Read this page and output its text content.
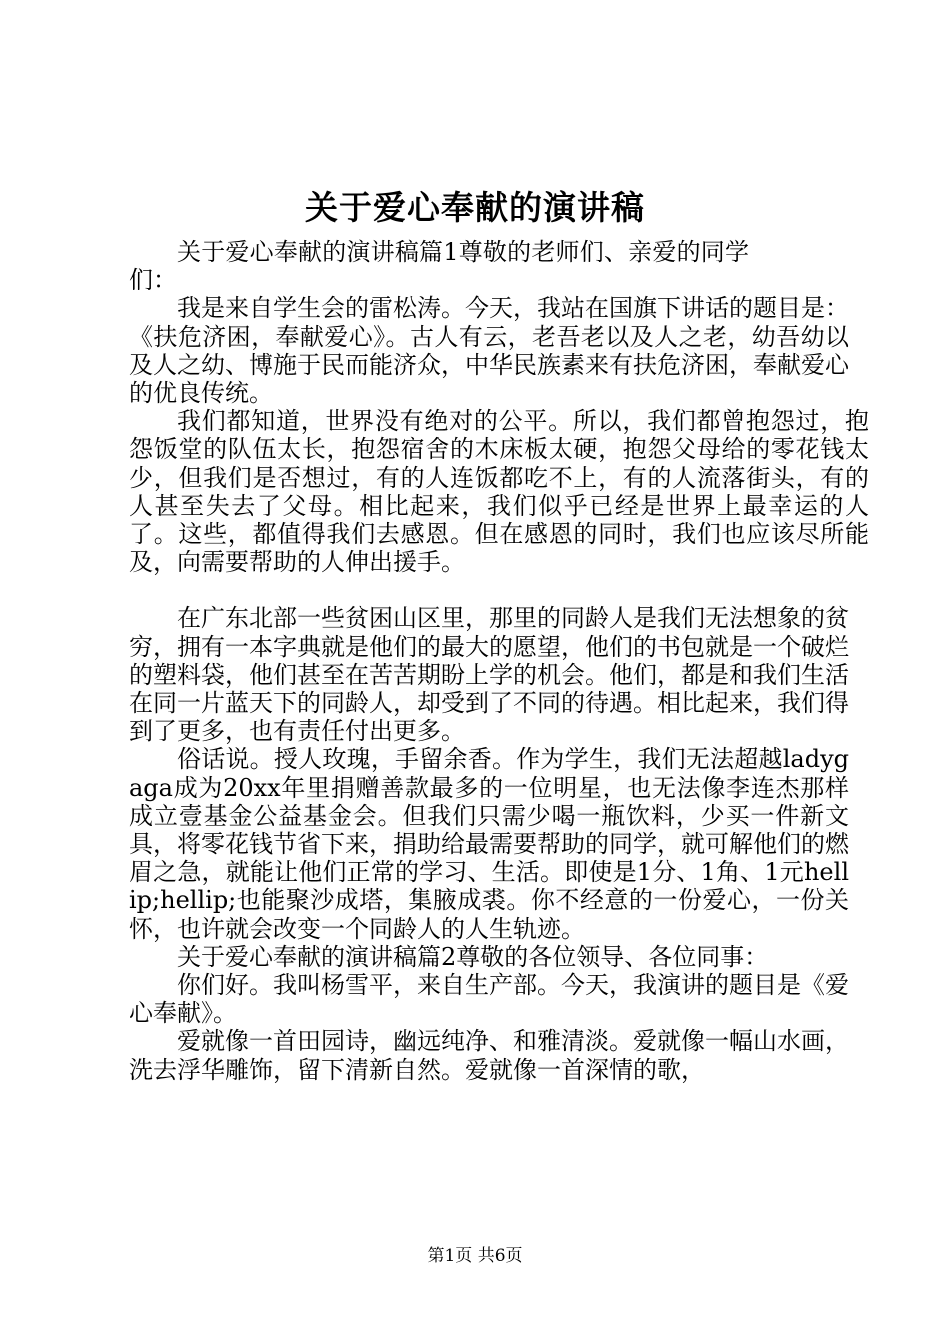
关于爱心奉献的演讲稿

关于爱心奉献的演讲稿篇1尊敬的老师们、亲爱的同学们：

我是来自学生会的雷松涛。今天，我站在国旗下讲话的题目是：《扶危济困，奉献爱心》。古人有云，老吾老以及人之老，幼吾幼以及人之幼、博施于民而能济众，中华民族素来有扶危济困，奉献爱心的优良传统。

我们都知道，世界没有绝对的公平。所以，我们都曾抱怨过，抱怨饭堂的队伍太长，抱怨宿舍的木床板太硬，抱怨父母给的零花钱太少，但我们是否想过，有的人连饭都吃不上，有的人流落街头，有的人甚至失去了父母。相比起来，我们似乎已经是世界上最幸运的人了。这些，都值得我们去感恩。但在感恩的同时，我们也应该尽所能及，向需要帮助的人伸出援手。

在广东北部一些贫困山区里，那里的同龄人是我们无法想象的贫穷，拥有一本字典就是他们的最大的愿望，他们的书包就是一个破烂的塑料袋，他们甚至在苦苦期盼上学的机会。他们，都是和我们生活在同一片蓝天下的同龄人，却受到了不同的待遇。相比起来，我们得到了更多，也有责任付出更多。

俗话说。授人玫瑰，手留余香。作为学生，我们无法超越ladygaga成为20xx年里捐赠善款最多的一位明星，也无法像李连杰那样成立壹基金公益基金会。但我们只需少喝一瓶饮料，少买一件新文具，将零花钱节省下来，捐助给最需要帮助的同学，就可解他们的燃眉之急，就能让他们正常的学习、生活。即使是1分、1角、1元hellip;hellip;也能聚沙成塔，集腋成裘。你不经意的一份爱心，一份关怀，也许就会改变一个同龄人的人生轨迹。

关于爱心奉献的演讲稿篇2尊敬的各位领导、各位同事：

你们好。我叫杨雪平，来自生产部。今天，我演讲的题目是《爱心奉献》。

爱就像一首田园诗，幽远纯净、和雅清淡。爱就像一幅山水画，洗去浮华雕饰，留下清新自然。爱就像一首深情的歌，

第1页 共6页
